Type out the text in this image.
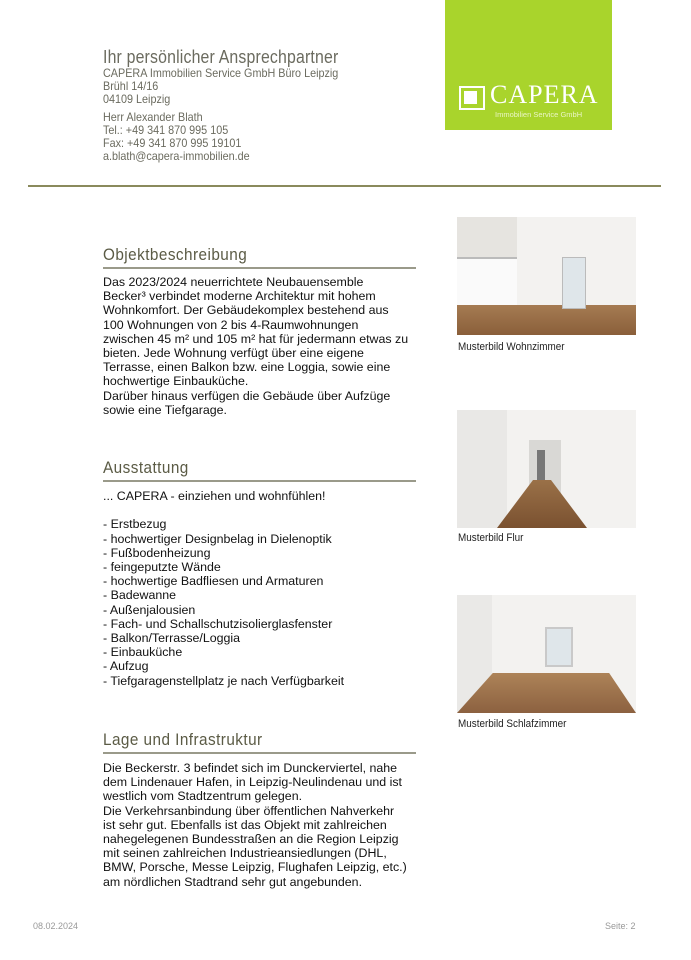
Ihr persönlicher Ansprechpartner
CAPERA Immobilien Service GmbH Büro Leipzig
Brühl 14/16
04109 Leipzig
Herr Alexander Blath
Tel.: +49 341 870 995 105
Fax: +49 341 870 995 19101
a.blath@capera-immobilien.de
CAPERA
Immobilien Service GmbH
Objektbeschreibung
Das 2023/2024 neuerrichtete Neubauensemble
Becker³ verbindet moderne Architektur mit hohem
Wohnkomfort. Der Gebäudekomplex bestehend aus
100 Wohnungen von 2 bis 4-Raumwohnungen
zwischen 45 m² und 105 m² hat für jedermann etwas zu
bieten. Jede Wohnung verfügt über eine eigene
Terrasse, einen Balkon bzw. eine Loggia, sowie eine
hochwertige Einbauküche.
Darüber hinaus verfügen die Gebäude über Aufzüge
sowie eine Tiefgarage.
Ausstattung
... CAPERA - einziehen und wohnfühlen!

- Erstbezug
- hochwertiger Designbelag in Dielenoptik
- Fußbodenheizung
- feingeputzte Wände
- hochwertige Badfliesen und Armaturen
- Badewanne
- Außenjalousien
- Fach- und Schallschutzisolierglasfenster
- Balkon/Terrasse/Loggia
- Einbauküche
- Aufzug
- Tiefgaragenstellplatz je nach Verfügbarkeit
Lage und Infrastruktur
Die Beckerstr. 3 befindet sich im Dunckerviertel, nahe
dem Lindenauer Hafen, in Leipzig-Neulindenau und ist
westlich vom Stadtzentrum gelegen.
Die Verkehrsanbindung über öffentlichen Nahverkehr
ist sehr gut. Ebenfalls ist das Objekt mit zahlreichen
nahegelegenen Bundesstraßen an die Region Leipzig
mit seinen zahlreichen Industrieansiedlungen (DHL,
BMW, Porsche, Messe Leipzig, Flughafen Leipzig, etc.)
am nördlichen Stadtrand sehr gut angebunden.
Musterbild Wohnzimmer
Musterbild Flur
Musterbild Schlafzimmer
08.02.2024	Seite: 2
